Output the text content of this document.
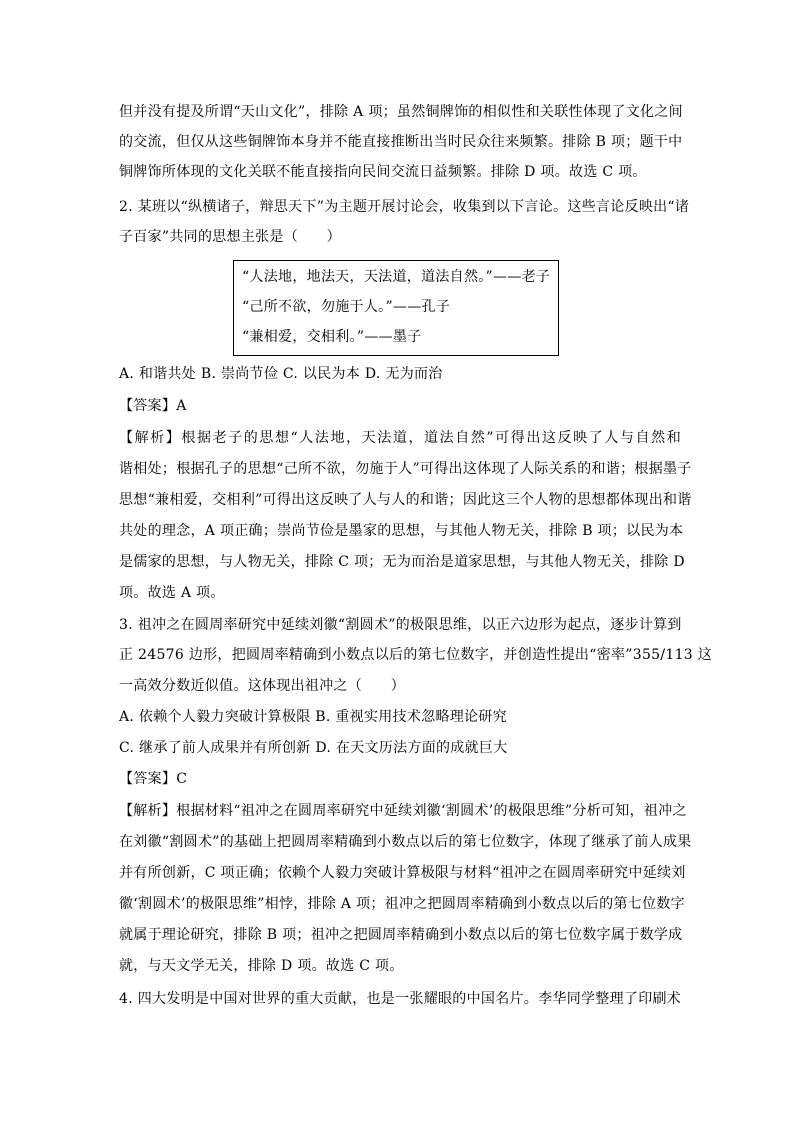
但并没有提及所谓“天山文化”，排除 A 项；虽然铜牌饰的相似性和关联性体现了文化之间
的交流，但仅从这些铜牌饰本身并不能直接推断出当时民众往来频繁。排除 B 项；题干中
铜牌饰所体现的文化关联不能直接指向民间交流日益频繁。排除 D 项。故选 C 项。
2. 某班以“纵横诸子，辩思天下”为主题开展讨论会，收集到以下言论。这些言论反映出“诸
子百家”共同的思想主张是（　　）
“人法地，地法天，天法道，道法自然。”——老子
“己所不欲，勿施于人。”——孔子
“兼相爱，交相利。”——墨子
A. 和谐共处 B. 崇尚节俭 C. 以民为本 D. 无为而治
【答案】A
【解析】根据老子的思想“人法地，天法道，道法自然”可得出这反映了人与自然和
谐相处；根据孔子的思想“己所不欲，勿施于人”可得出这体现了人际关系的和谐；根据墨子
思想“兼相爱，交相利”可得出这反映了人与人的和谐；因此这三个人物的思想都体现出和谐
共处的理念，A 项正确；崇尚节俭是墨家的思想，与其他人物无关，排除 B 项；以民为本
是儒家的思想，与人物无关，排除 C 项；无为而治是道家思想，与其他人物无关，排除 D
项。故选 A 项。
3. 祖冲之在圆周率研究中延续刘徽“割圆术”的极限思维，以正六边形为起点，逐步计算到
正 24576 边形，把圆周率精确到小数点以后的第七位数字，并创造性提出“密率”355/113 这
一高效分数近似值。这体现出祖冲之（　　）
A. 依赖个人毅力突破计算极限 B. 重视实用技术忽略理论研究
C. 继承了前人成果并有所创新 D. 在天文历法方面的成就巨大
【答案】C
【解析】根据材料“祖冲之在圆周率研究中延续刘徽‘割圆术’的极限思维”分析可知，祖冲之
在刘徽“割圆术”的基础上把圆周率精确到小数点以后的第七位数字，体现了继承了前人成果
并有所创新，C 项正确；依赖个人毅力突破计算极限与材料“祖冲之在圆周率研究中延续刘
徽‘割圆术’的极限思维”相悖，排除 A 项；祖冲之把圆周率精确到小数点以后的第七位数字
就属于理论研究，排除 B 项；祖冲之把圆周率精确到小数点以后的第七位数字属于数学成
就，与天文学无关，排除 D 项。故选 C 项。
4. 四大发明是中国对世界的重大贡献，也是一张耀眼的中国名片。李华同学整理了印刷术
